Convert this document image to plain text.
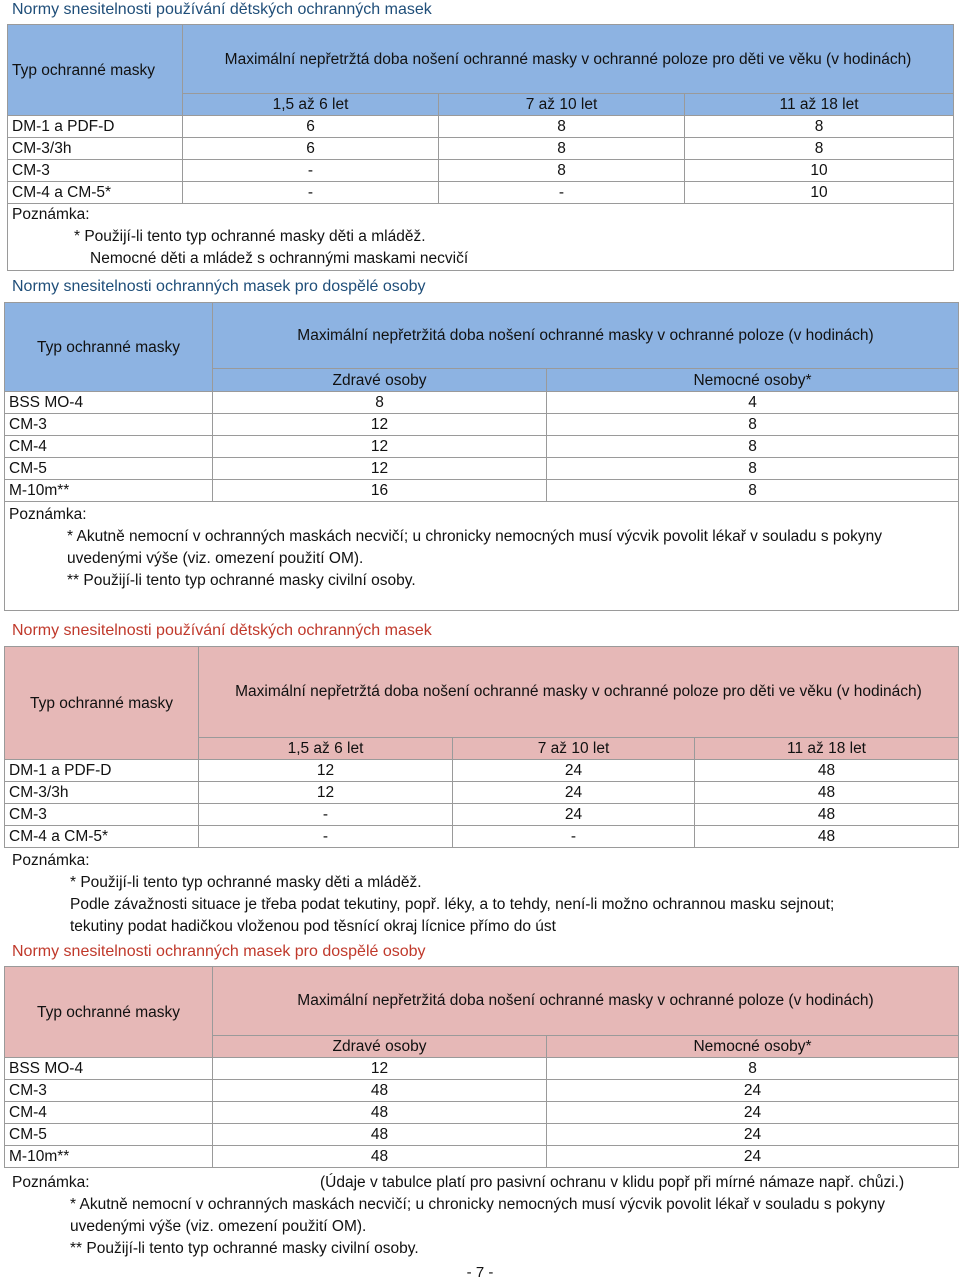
Normy snesitelnosti používání dětských ochranných masek
Typ ochranné masky	Maximální nepřetržtá doba nošení ochranné masky v ochranné poloze pro děti ve věku (v hodinách)		
	1,5 až 6 let	7 až 10 let	11 až 18 let
DM-1 a PDF-D	6	8	8
CM-3/3h	6	8	8
CM-3	-	8	10
CM-4 a CM-5*	-	-	10

Poznámka:
* Použijí-li tento typ ochranné masky děti a mláděž.
Nemocné děti a mládež s ochrannými maskami necvičí			
Normy snesitelnosti ochranných masek pro dospělé osoby
Typ ochranné masky	Maximální nepřetržitá doba nošení ochranné masky v ochranné poloze (v hodinách)	
	Zdravé osoby	Nemocné osoby*
BSS MO-4	8	4
CM-3	12	8
CM-4	12	8
CM-5	12	8
M-10m**	16	8

Poznámka:
* Akutně nemocní v ochranných maskách necvičí; u chronicky nemocných musí výcvik povolit lékař v souladu s pokyny
uvedenými výše (viz. omezení použití OM).
** Použijí-li tento typ ochranné masky civilní osoby.		
Normy snesitelnosti používání dětských ochranných masek
Typ ochranné masky	Maximální nepřetržtá doba nošení ochranné masky v ochranné poloze pro děti ve věku (v hodinách)		
	1,5 až 6 let	7 až 10 let	11 až 18 let
DM-1 a PDF-D	12	24	48
CM-3/3h	12	24	48
CM-3	-	24	48
CM-4 a CM-5*	-	-	48
Poznámka:
* Použijí-li tento typ ochranné masky děti a mláděž.
Podle závažnosti situace je třeba podat tekutiny, popř. léky, a to tehdy, není-li možno ochrannou masku sejnout;
tekutiny podat hadičkou vloženou pod těsnící okraj lícnice přímo do úst
Normy snesitelnosti ochranných masek pro dospělé osoby
Typ ochranné masky	Maximální nepřetržitá doba nošení ochranné masky v ochranné poloze (v hodinách)	
	Zdravé osoby	Nemocné osoby*
BSS MO-4	12	8
CM-3	48	24
CM-4	48	24
CM-5	48	24
M-10m**	48	24
Poznámka:	(Údaje v tabulce platí pro pasivní ochranu v klidu popř při mírné námaze např. chůzi.)
* Akutně nemocní v ochranných maskách necvičí; u chronicky nemocných musí výcvik povolit lékař v souladu s pokyny
uvedenými výše (viz. omezení použití OM).
** Použijí-li tento typ ochranné masky civilní osoby.
- 7 -
